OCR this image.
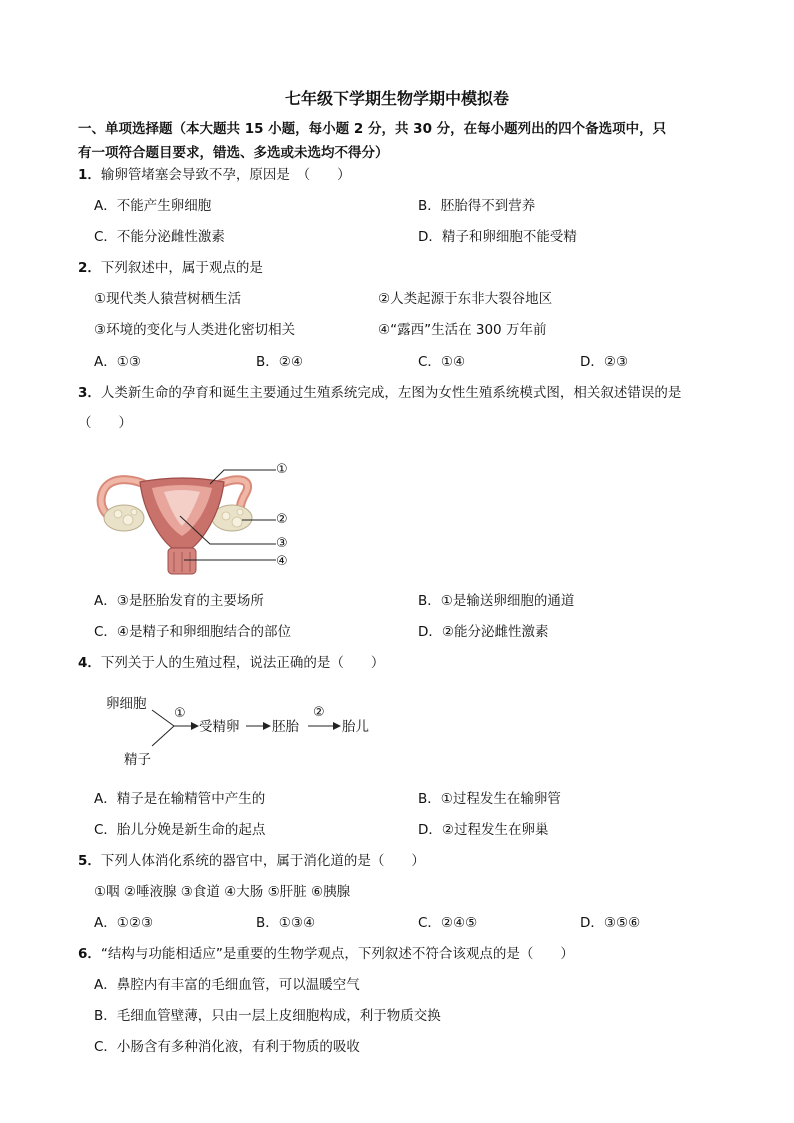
七年级下学期生物学期中模拟卷
一、单项选择题（本大题共 15 小题，每小题 2 分，共 30 分，在每小题列出的四个备选项中，只
有一项符合题目要求，错选、多选或未选均不得分）
1．输卵管堵塞会导致不孕，原因是　（　　）
A．不能产生卵细胞	B．胚胎得不到营养
C．不能分泌雌性激素	D．精子和卵细胞不能受精
2．下列叙述中，属于观点的是
①现代类人猿营树栖生活	②人类起源于东非大裂谷地区
③环境的变化与人类进化密切相关	④“露西”生活在 300 万年前
A．①③	B．②④	C．①④	D．②③
3．人类新生命的孕育和诞生主要通过生殖系统完成，左图为女性生殖系统模式图，相关叙述错误的是
（　　）
①
②
③
④
A．③是胚胎发育的主要场所	B．①是输送卵细胞的通道
C．④是精子和卵细胞结合的部位	D．②能分泌雌性激素
4．下列关于人的生殖过程，说法正确的是（　　）
卵细胞
精子
①
受精卵 胚胎
②
胎儿
A．精子是在输精管中产生的	B．①过程发生在输卵管
C．胎儿分娩是新生命的起点	D．②过程发生在卵巢
5．下列人体消化系统的器官中，属于消化道的是（　　）
①咽 ②唾液腺 ③食道 ④大肠 ⑤肝脏 ⑥胰腺
A．①②③	B．①③④	C．②④⑤	D．③⑤⑥
6．“结构与功能相适应”是重要的生物学观点，下列叙述不符合该观点的是（　　）
A．鼻腔内有丰富的毛细血管，可以温暖空气
B．毛细血管壁薄，只由一层上皮细胞构成，利于物质交换
C．小肠含有多种消化液，有利于物质的吸收
